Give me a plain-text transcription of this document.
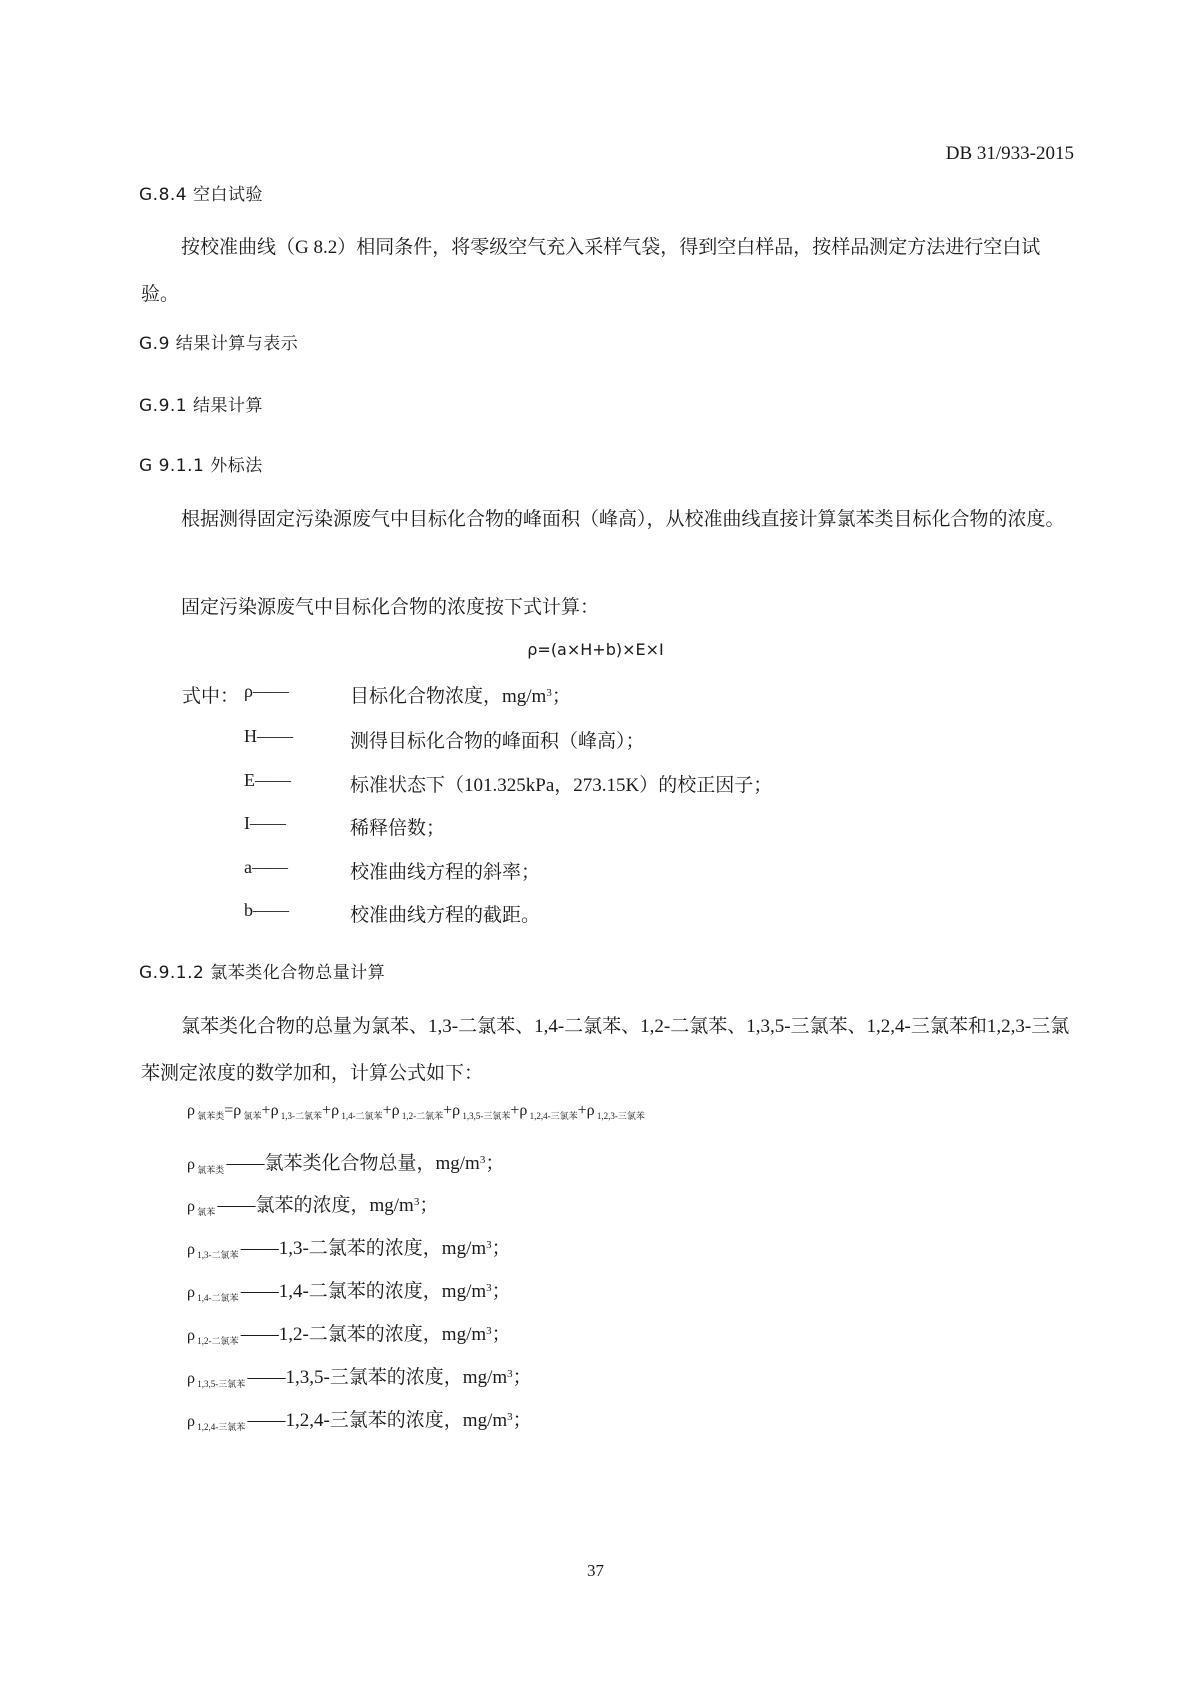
DB 31/933-2015
G.8.4 空白试验
按校准曲线（G 8.2）相同条件，将零级空气充入采样气袋，得到空白样品，按样品测定方法进行空白试验。
G.9 结果计算与表示
G.9.1 结果计算
G 9.1.1 外标法
根据测得固定污染源废气中目标化合物的峰面积（峰高），从校准曲线直接计算氯苯类目标化合物的浓度。
固定污染源废气中目标化合物的浓度按下式计算：
ρ=(a×H+b)×E×I
式中： ρ——	目标化合物浓度，$mg/m^3$；
H——	测得目标化合物的峰面积（峰高）；
E——	标准状态下（101.325kPa，273.15K）的校正因子；
I——	稀释倍数；
a——	校准曲线方程的斜率；
b——	校准曲线方程的截距。
G.9.1.2 氯苯类化合物总量计算
氯苯类化合物的总量为氯苯、1,3-二氯苯、1,4-二氯苯、1,2-二氯苯、1,3,5-三氯苯、1,2,4-三氯苯和1,2,3-三氯苯测定浓度的数学加和，计算公式如下：
ρ $_{氯苯类}$=ρ $_{氯苯}$+ρ $_{1,3-二氯苯}$+ρ $_{1,4-二氯苯}$+ρ $_{1,2-二氯苯}$+ρ $_{1,3,5-三氯苯}$+ρ $_{1,2,4-三氯苯}$+ρ $_{1,2,3-三氯苯}$
ρ $_{氯苯类}$ ——氯苯类化合物总量，$mg/m^3$；
ρ $_{氯苯}$ ——氯苯的浓度，$mg/m^3$；
ρ $_{1,3-二氯苯}$ ——1,3-二氯苯的浓度，$mg/m^3$；
ρ $_{1,4-二氯苯}$ ——1,4-二氯苯的浓度，$mg/m^3$；
ρ $_{1,2-二氯苯}$ ——1,2-二氯苯的浓度，$mg/m^3$；
ρ $_{1,3,5-三氯苯}$ ——1,3,5-三氯苯的浓度，$mg/m^3$；
ρ $_{1,2,4-三氯苯}$ ——1,2,4-三氯苯的浓度，$mg/m^3$；
37
